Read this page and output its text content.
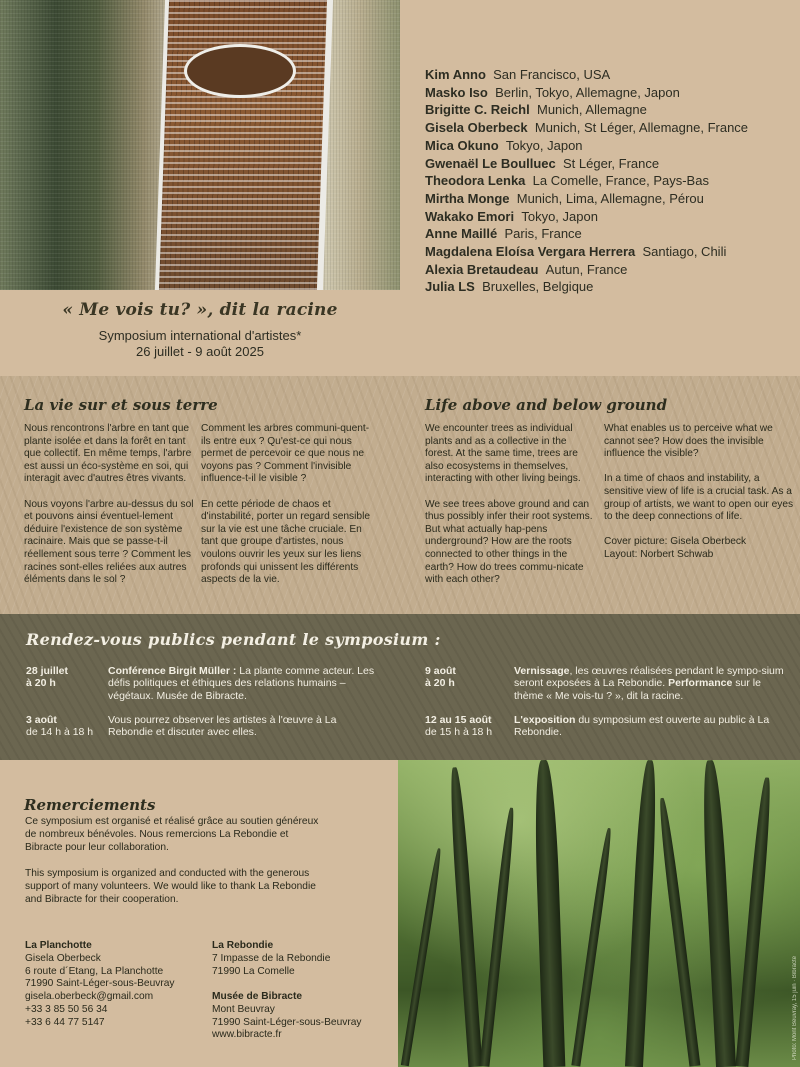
Kim Anno San Francisco, USA
Masko Iso Berlin, Tokyo, Allemagne, Japon
Brigitte C. Reichl Munich, Allemagne
Gisela Oberbeck Munich, St Léger, Allemagne, France
Mica Okuno Tokyo, Japon
Gwenaël Le Boulluec St Léger, France
Theodora Lenka La Comelle, France, Pays-Bas
Mirtha Monge Munich, Lima, Allemagne, Pérou
Wakako Emori Tokyo, Japon
Anne Maillé Paris, France
Magdalena Eloísa Vergara Herrera Santiago, Chili
Alexia Bretaudeau Autun, France
Julia LS Bruxelles, Belgique
« Me vois tu? », dit la racine
Symposium international d'artistes*
26 juillet - 9 août 2025
La vie sur et sous terre

Nous rencontrons l'arbre en tant que plante isolée et dans la forêt en tant que collectif. En même temps, l'arbre est aussi un éco-système en soi, qui interagit avec d'autres êtres vivants.

Nous voyons l'arbre au-dessus du sol et pouvons ainsi éventuel-lement déduire l'existence de son système racinaire. Mais que se passe-t-il réellement sous terre ? Comment les racines sont-elles reliées aux autres éléments dans le sol ?

Comment les arbres communi-quent-ils entre eux ? Qu'est-ce qui nous permet de percevoir ce que nous ne voyons pas ? Comment l'invisible influence-t-il le visible ?

En cette période de chaos et d'instabilité, porter un regard sensible sur la vie est une tâche cruciale. En tant que groupe d'artistes, nous voulons ouvrir les yeux sur les liens profonds qui unissent les différents aspects de la vie.

Life above and below ground

We encounter trees as individual plants and as a collective in the forest. At the same time, trees are also ecosystems in themselves, interacting with other living beings.

We see trees above ground and can thus possibly infer their root systems. But what actually hap-pens underground? How are the roots connected to other things in the earth? How do trees commu-nicate with each other?

What enables us to perceive what we cannot see? How does the invisible influence the visible?

In a time of chaos and instability, a sensitive view of life is a crucial task. As a group of artists, we want to open our eyes to the deep connections of life.

Cover picture: Gisela Oberbeck
Layout: Norbert Schwab

Rendez-vous publics pendant le symposium :
28 juillet
à 20 h
Conférence Birgit Müller : La plante comme acteur. Les défis politiques et éthiques des relations humains – végétaux. Musée de Bibracte.
3 août
de 14 h à 18 h
Vous pourrez observer les artistes à l'œuvre à La Rebondie et discuter avec elles.
9 août
à 20 h
Vernissage, les œuvres réalisées pendant le sympo-sium seront exposées à La Rebondie. Performance sur le thème « Me vois-tu ? », dit la racine.
12 au 15 août
de 15 h à 18 h
L'exposition du symposium est ouverte au public à La Rebondie.
Remerciements
Ce symposium est organisé et réalisé grâce au soutien généreux de nombreux bénévoles. Nous remercions La Rebondie et Bibracte pour leur collaboration.
This symposium is organized and conducted with the generous support of many volunteers. We would like to thank La Rebondie and Bibracte for their cooperation.
La Planchotte
Gisela Oberbeck
6 route d´Etang, La Planchotte
71990 Saint-Léger-sous-Beuvray
gisela.oberbeck@gmail.com
+33 3 85 50 56 34
+33 6 44 77 5147
La Rebondie
7 Impasse de la Rebondie
71990 La Comelle
Musée de Bibracte
Mont Beuvray
71990 Saint-Léger-sous-Beuvray
www.bibracte.fr	Photo: Mont Beuvray, 15 juin · Bibracte
